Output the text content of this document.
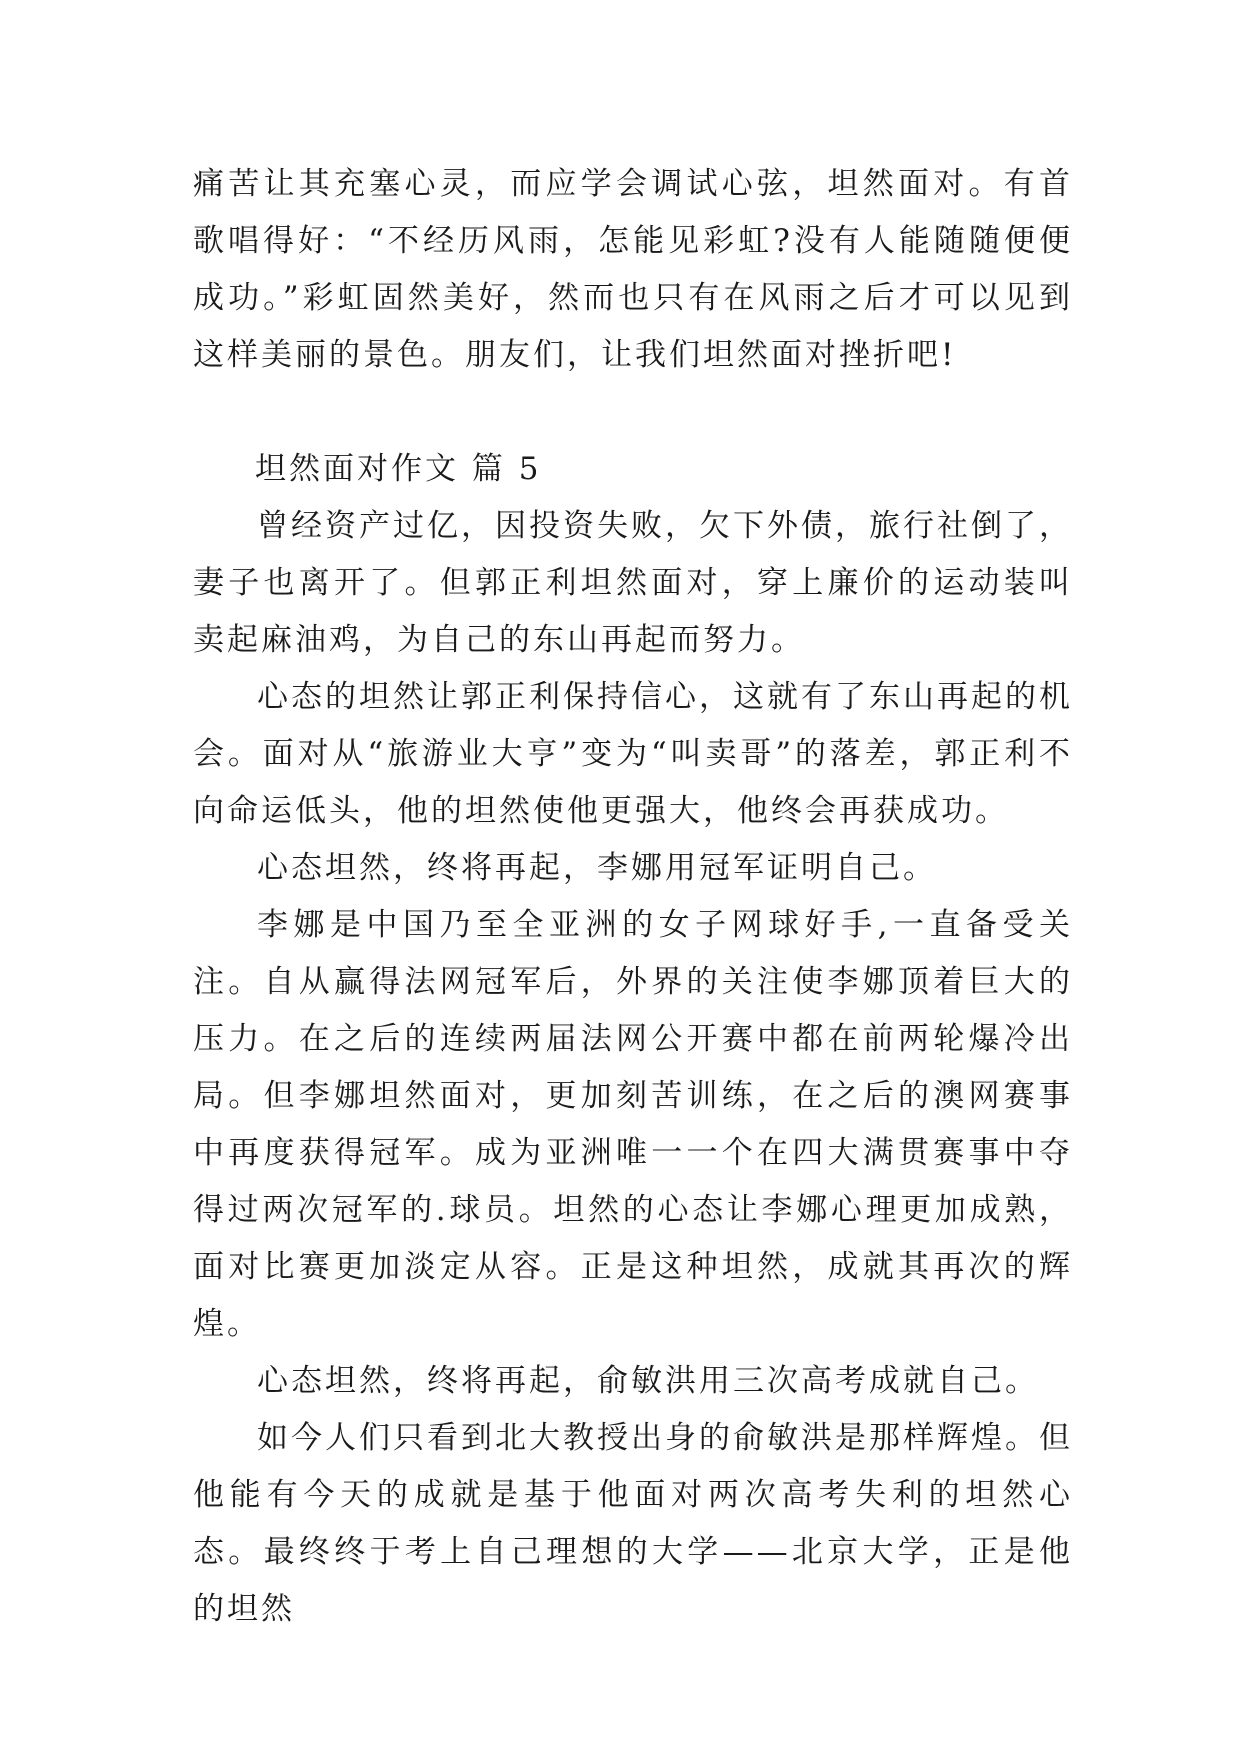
痛苦让其充塞心灵，而应学会调试心弦，坦然面对。有首歌唱得好：“不经历风雨，怎能见彩虹?没有人能随随便便成功。”彩虹固然美好，然而也只有在风雨之后才可以见到这样美丽的景色。朋友们，让我们坦然面对挫折吧!

坦然面对作文 篇 5

曾经资产过亿，因投资失败，欠下外债，旅行社倒了，妻子也离开了。但郭正利坦然面对，穿上廉价的运动装叫卖起麻油鸡，为自己的东山再起而努力。

心态的坦然让郭正利保持信心，这就有了东山再起的机会。面对从“旅游业大亨”变为“叫卖哥”的落差，郭正利不向命运低头，他的坦然使他更强大，他终会再获成功。

心态坦然，终将再起，李娜用冠军证明自己。

李娜是中国乃至全亚洲的女子网球好手,一直备受关注。自从赢得法网冠军后，外界的关注使李娜顶着巨大的压力。在之后的连续两届法网公开赛中都在前两轮爆冷出局。但李娜坦然面对，更加刻苦训练，在之后的澳网赛事中再度获得冠军。成为亚洲唯一一个在四大满贯赛事中夺得过两次冠军的.球员。坦然的心态让李娜心理更加成熟，面对比赛更加淡定从容。正是这种坦然，成就其再次的辉煌。

心态坦然，终将再起，俞敏洪用三次高考成就自己。

如今人们只看到北大教授出身的俞敏洪是那样辉煌。但他能有今天的成就是基于他面对两次高考失利的坦然心态。最终终于考上自己理想的大学——北京大学，正是他的坦然
